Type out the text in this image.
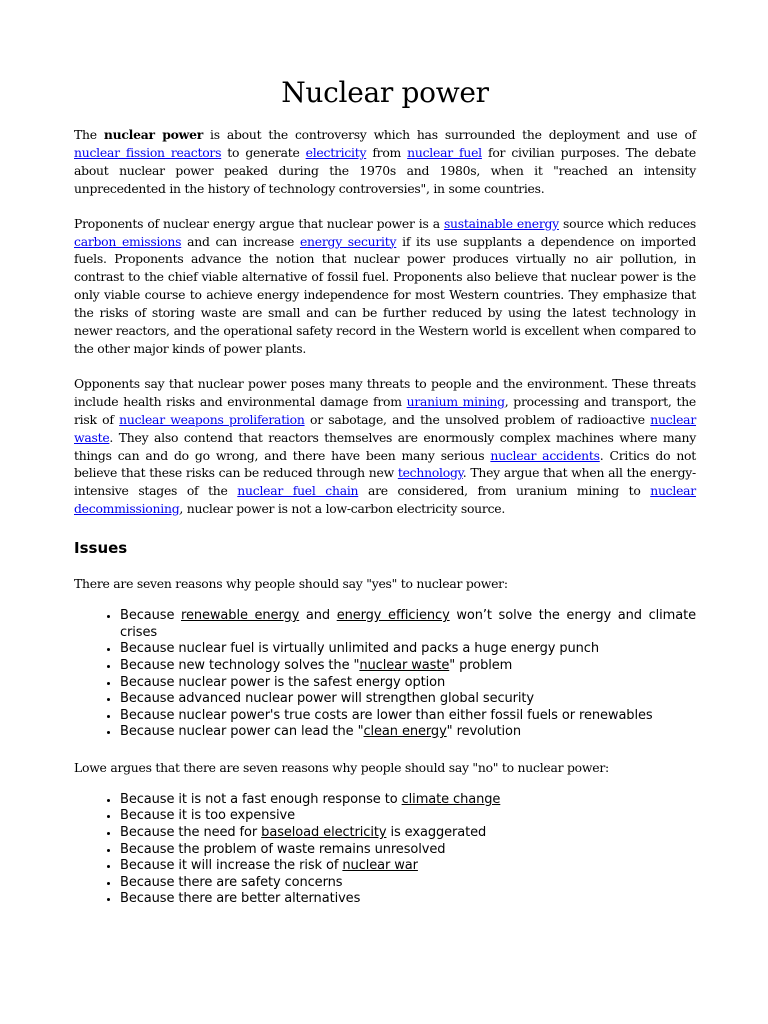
Nuclear power

The nuclear power is about the controversy which has surrounded the deployment and use of nuclear fission reactors to generate electricity from nuclear fuel for civilian purposes. The debate about nuclear power peaked during the 1970s and 1980s, when it "reached an intensity unprecedented in the history of technology controversies", in some countries.

Proponents of nuclear energy argue that nuclear power is a sustainable energy source which reduces carbon emissions and can increase energy security if its use supplants a dependence on imported fuels. Proponents advance the notion that nuclear power produces virtually no air pollution, in contrast to the chief viable alternative of fossil fuel. Proponents also believe that nuclear power is the only viable course to achieve energy independence for most Western countries. They emphasize that the risks of storing waste are small and can be further reduced by using the latest technology in newer reactors, and the operational safety record in the Western world is excellent when compared to the other major kinds of power plants.

Opponents say that nuclear power poses many threats to people and the environment. These threats include health risks and environmental damage from uranium mining, processing and transport, the risk of nuclear weapons proliferation or sabotage, and the unsolved problem of radioactive nuclear waste. They also contend that reactors themselves are enormously complex machines where many things can and do go wrong, and there have been many serious nuclear accidents. Critics do not believe that these risks can be reduced through new technology. They argue that when all the energy-intensive stages of the nuclear fuel chain are considered, from uranium mining to nuclear decommissioning, nuclear power is not a low-carbon electricity source.

Issues

There are seven reasons why people should say "yes" to nuclear power:

• Because renewable energy and energy efficiency won’t solve the energy and climate crises
• Because nuclear fuel is virtually unlimited and packs a huge energy punch
• Because new technology solves the "nuclear waste" problem
• Because nuclear power is the safest energy option
• Because advanced nuclear power will strengthen global security
• Because nuclear power's true costs are lower than either fossil fuels or renewables
• Because nuclear power can lead the "clean energy" revolution

Lowe argues that there are seven reasons why people should say "no" to nuclear power:

• Because it is not a fast enough response to climate change
• Because it is too expensive
• Because the need for baseload electricity is exaggerated
• Because the problem of waste remains unresolved
• Because it will increase the risk of nuclear war
• Because there are safety concerns
• Because there are better alternatives
